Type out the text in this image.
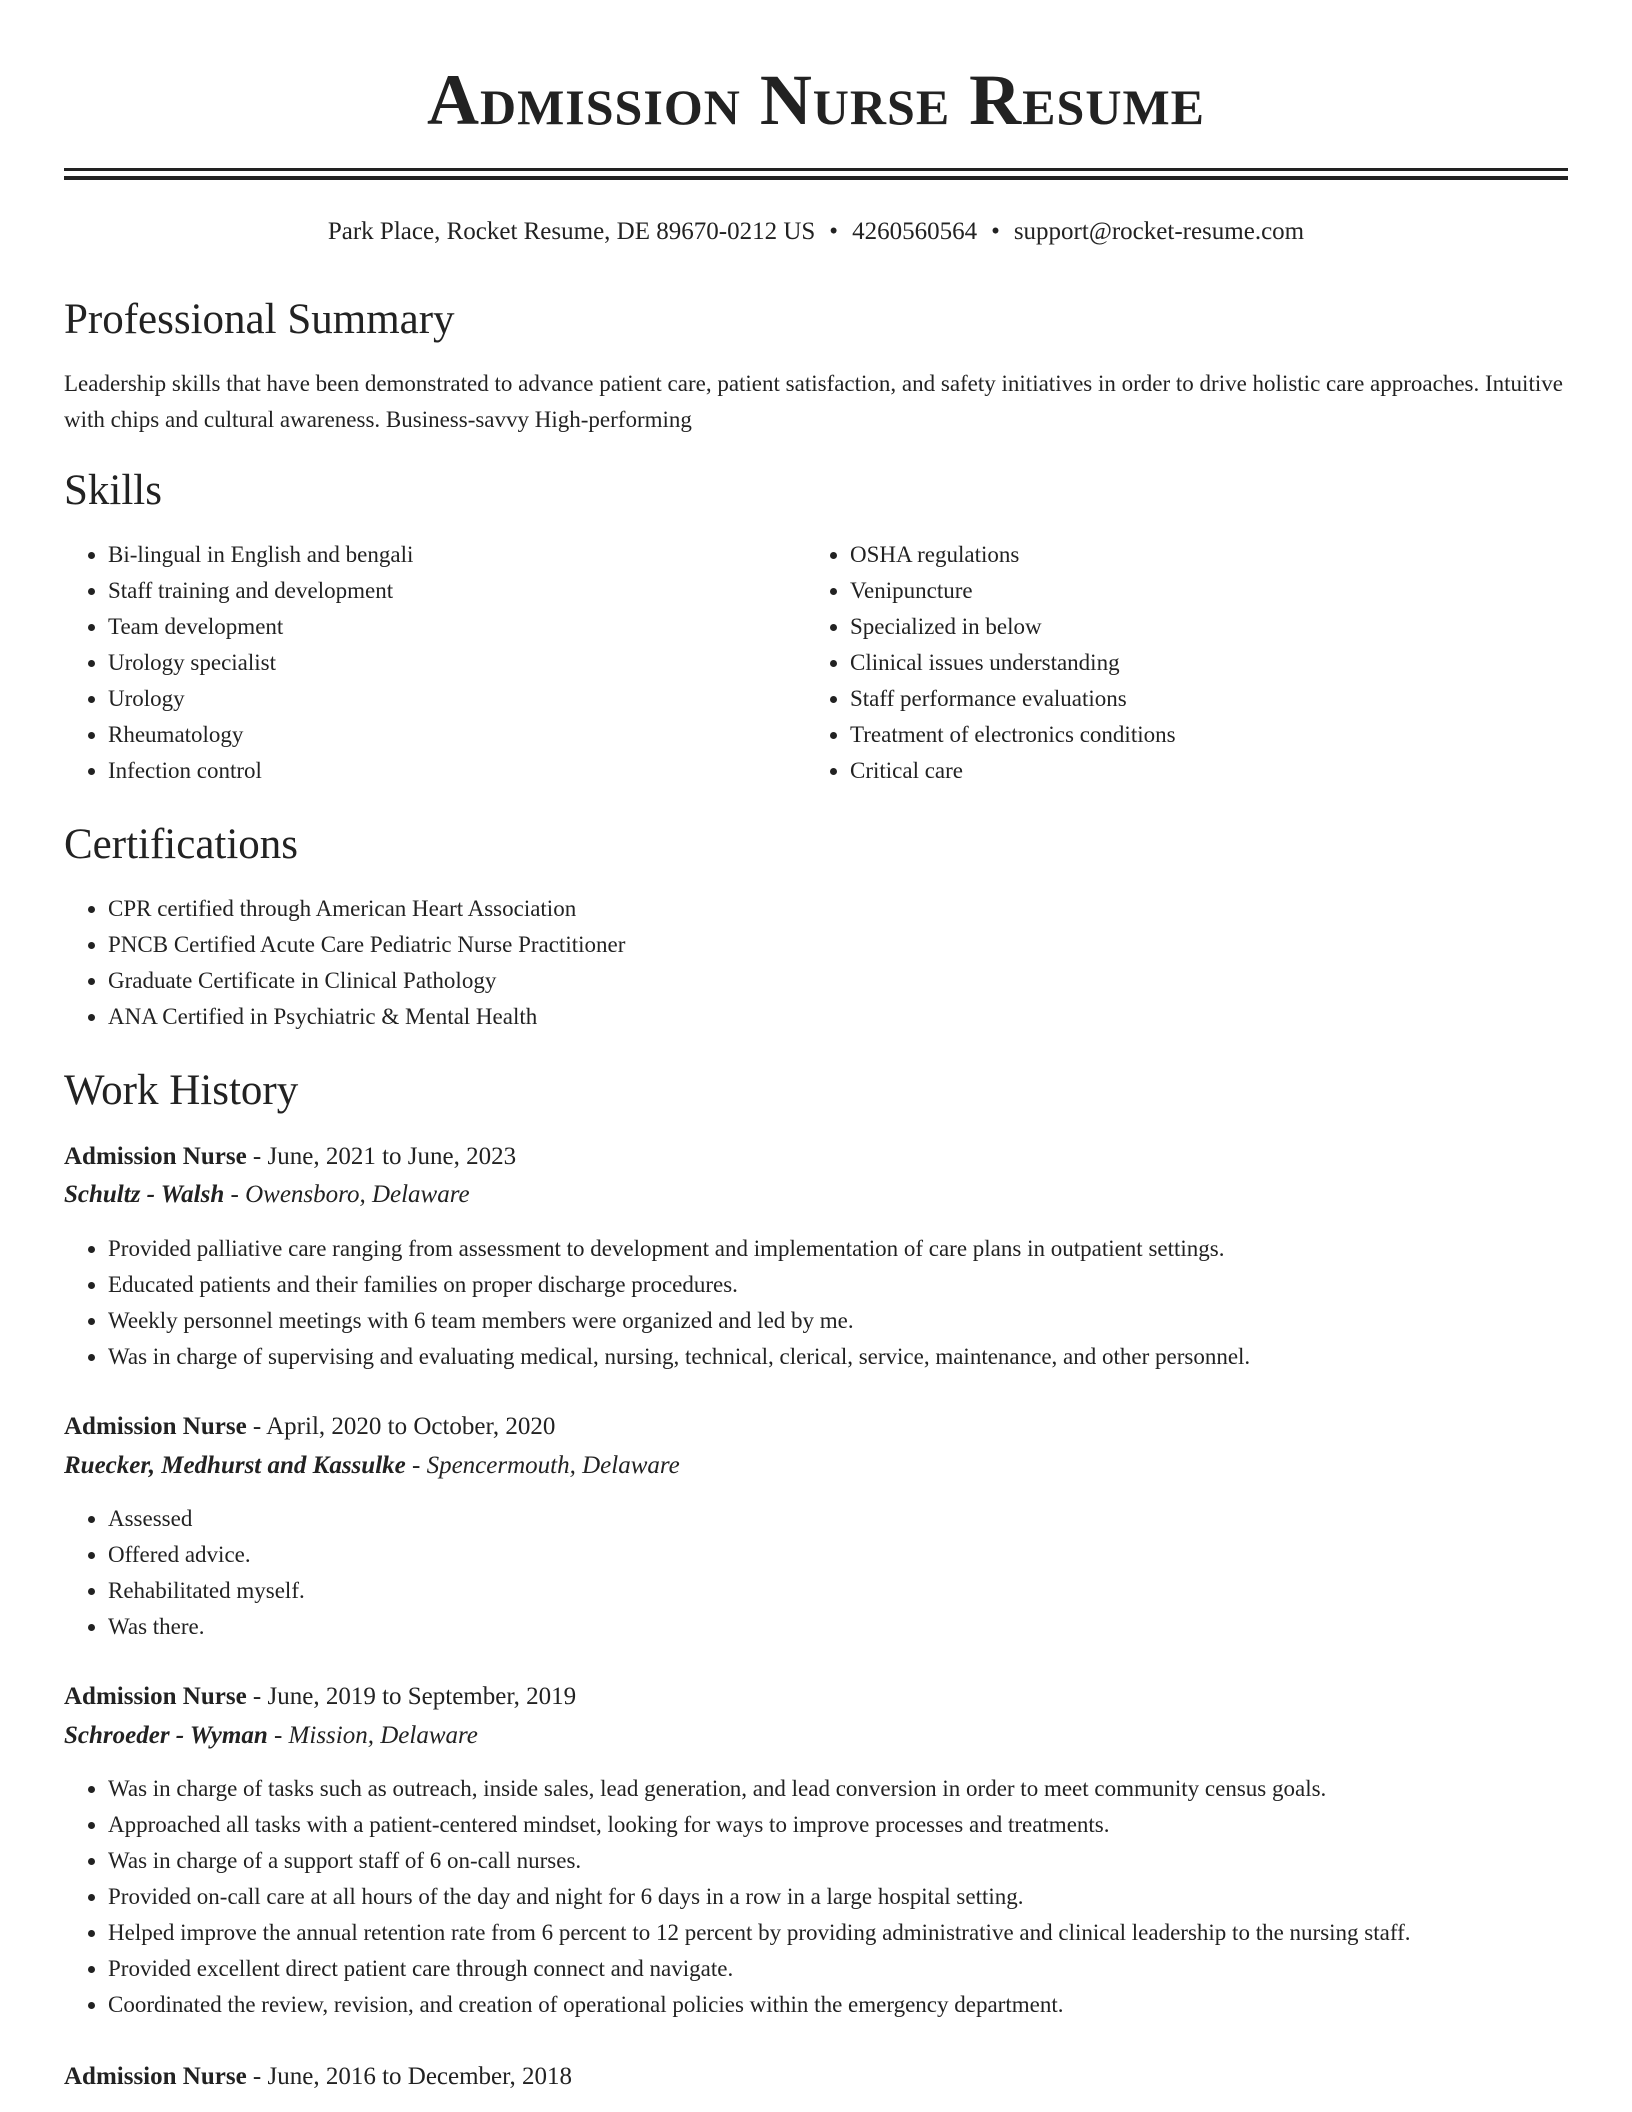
Admission Nurse Resume
Park Place, Rocket Resume, DE 89670-0212 US • 4260560564 • support@rocket-resume.com
Professional Summary

Leadership skills that have been demonstrated to advance patient care, patient satisfaction, and safety initiatives in order to drive holistic care approaches. Intuitive with chips and cultural awareness. Business-savvy High-performing

Skills
• Bi-lingual in English and bengali
• Staff training and development
• Team development
• Urology specialist
• Urology
• Rheumatology
• Infection control
• OSHA regulations
• Venipuncture
• Specialized in below
• Clinical issues understanding
• Staff performance evaluations
• Treatment of electronics conditions
• Critical care
Certifications
• CPR certified through American Heart Association
• PNCB Certified Acute Care Pediatric Nurse Practitioner
• Graduate Certificate in Clinical Pathology
• ANA Certified in Psychiatric & Mental Health
Work History
Admission Nurse - June, 2021 to June, 2023
Schultz - Walsh - Owensboro, Delaware
• Provided palliative care ranging from assessment to development and implementation of care plans in outpatient settings.
• Educated patients and their families on proper discharge procedures.
• Weekly personnel meetings with 6 team members were organized and led by me.
• Was in charge of supervising and evaluating medical, nursing, technical, clerical, service, maintenance, and other personnel.
Admission Nurse - April, 2020 to October, 2020
Ruecker, Medhurst and Kassulke - Spencermouth, Delaware
• Assessed
• Offered advice.
• Rehabilitated myself.
• Was there.
Admission Nurse - June, 2019 to September, 2019
Schroeder - Wyman - Mission, Delaware
• Was in charge of tasks such as outreach, inside sales, lead generation, and lead conversion in order to meet community census goals.
• Approached all tasks with a patient-centered mindset, looking for ways to improve processes and treatments.
• Was in charge of a support staff of 6 on-call nurses.
• Provided on-call care at all hours of the day and night for 6 days in a row in a large hospital setting.
• Helped improve the annual retention rate from 6 percent to 12 percent by providing administrative and clinical leadership to the nursing staff.
• Provided excellent direct patient care through connect and navigate.
• Coordinated the review, revision, and creation of operational policies within the emergency department.
Admission Nurse - June, 2016 to December, 2018
